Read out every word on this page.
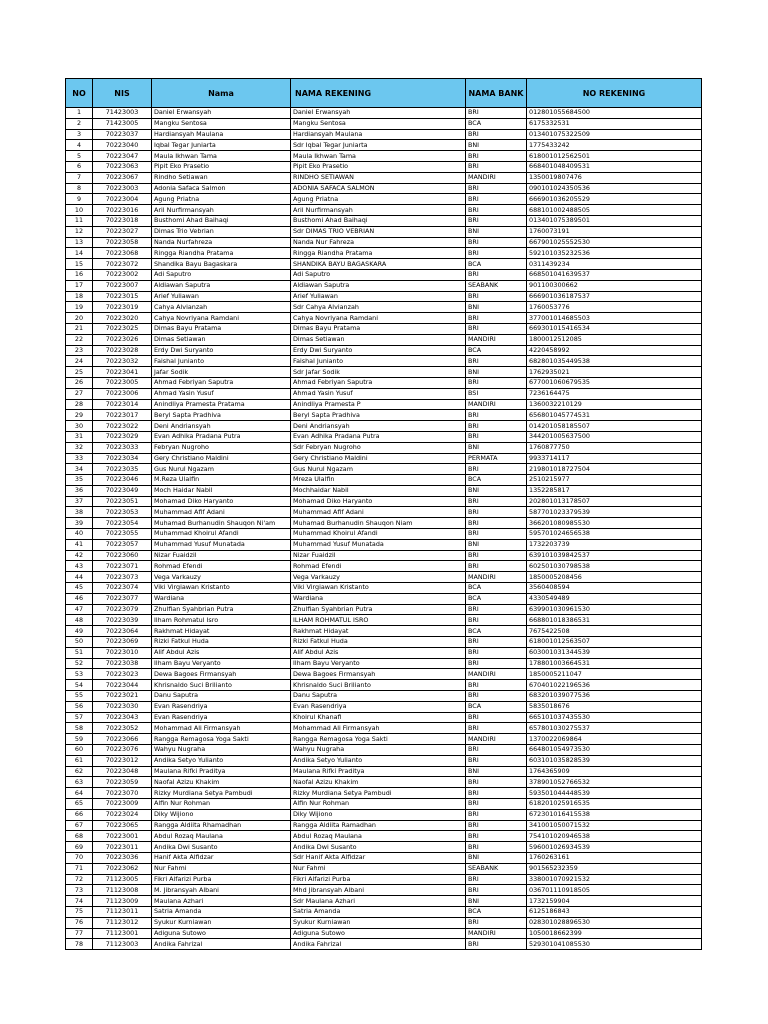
NO	NIS	Nama	NAMA REKENING	NAMA BANK	NO REKENING
1	71423003	Daniel Erwansyah	Daniel Erwansyah	BRI	012801055684500
2	71423005	Mangku Sentosa	Mangku Sentosa	BCA	6175332531
3	70223037	Hardiansyah Maulana	Hardiansyah Maulana	BRI	013401075322509
4	70223040	Iqbal Tegar Juniarta	Sdr Iqbal Tegar Juniarta	BNI	1775433242
5	70223047	Maula Ikhwan Tama	Maula Ikhwan Tama	BRI	618001012562501
6	70223063	Pipit Eko Prasetio	Pipit Eko Prasetio	BRI	668401048409531
7	70223067	Rindho Setiawan	RINDHO SETIAWAN	MANDIRI	1350019807476
8	70223003	Adonia Safaca Salmon	ADONIA SAFACA SALMON	BRI	090101024350536
9	70223004	Agung Priatna	Agung Priatna	BRI	666901036205529
10	70223016	Aril Nurfirmansyah	Aril Nurfirmansyah	BRI	688101002488505
11	70223018	Busthomi Ahad Baihaqi	Busthomi Ahad Baihaqi	BRI	013401075389501
12	70223027	Dimas Trio Vebrian	Sdr DIMAS TRIO VEBRIAN	BNI	1760073191
13	70223058	Nanda Nurfahreza	Nanda Nur Fahreza	BRI	667901025552530
14	70223068	Ringga Riandha Pratama	Ringga Riandha Pratama	BRI	592101035232536
15	70223072	Shandika Bayu Bagaskara	SHANDIKA BAYU BAGASKARA	BCA	0311439234
16	70223002	Adi Saputro	Adi Saputro	BRI	668501041639537
17	70223007	Aldiawan Saputra	Aldiawan Saputra	SEABANK	901100300662
18	70223015	Arief Yuliawan	Arief Yuliawan	BRI	666901036187537
19	70223019	Cahya Alvianzah	Sdr Cahya Alvianzah	BNI	1760053776
20	70223020	Cahya Novriyana Ramdani	Cahya Novriyana Ramdani	BRI	377001014685503
21	70223025	Dimas Bayu Pratama	Dimas Bayu Pratama	BRI	669301015416534
22	70223026	Dimas Setiawan	Dimas Setiawan	MANDIRI	1800012512085
23	70223028	Erdy Dwi Suryanto	Erdy Dwi Suryanto	BCA	4220458992
24	70223032	Faishal Junianto	Faishal Junianto	BRI	682801035449538
25	70223041	Jafar Sodik	Sdr Jafar Sodik	BNI	1762935021
26	70223005	Ahmad Febriyan Saputra	Ahmad Febriyan Saputra	BRI	677001060679535
27	70223006	Ahmad Yasin Yusuf	Ahmad Yasin Yusuf	BSI	7236164475
28	70223014	Anindliya Pramesta Pratama	Anindliya Pramesta P	MANDIRI	1360032210129
29	70223017	Beryl Sapta Pradhiva	Beryl Sapta Pradhiva	BRI	656801045774531
30	70223022	Deni Andriansyah	Deni Andriansyah	BRI	014201058185507
31	70223029	Evan Adhika Pradana Putra	Evan Adhika Pradana Putra	BRI	344201005637500
32	70223033	Febryan Nugroho	Sdr Febryan Nugroho	BNI	1760877750
33	70223034	Gery Christiano Maldini	Gery Christiano Maldini	PERMATA	9933714117
34	70223035	Gus Nurul Ngazam	Gus Nurul Ngazam	BRI	219801018727504
35	70223046	M.Reza Ulalfin	Mreza Ulalfin	BCA	2510215977
36	70223049	Moch Haidar Nabil	Mochhaidar Nabil	BNI	1352285817
37	70223051	Mohamad Diko Haryanto	Mohamad Diko Haryanto	BRI	202801013178507
38	70223053	Muhammad Afif Adani	Muhammad Afif Adani	BRI	587701023379539
39	70223054	Muhamad Burhanudin Shauqon Ni'am	Muhamad Burhanudin Shauqon Niam	BRI	366201080985530
40	70223055	Muhammad Khoirul Afandi	Muhammad Khoirul Afandi	BRI	595701024656538
41	70223057	Muhammad Yusuf Munatada	Muhammad Yusuf Munatada	BNI	1732203739
42	70223060	Nizar Fuaidzil	Nizar Fuaidzil	BRI	639101039842537
43	70223071	Rohmad Efendi	Rohmad Efendi	BRI	602501030798538
44	70223073	Vega Varkauzy	Vega Varkauzy	MANDIRI	1850005208456
45	70223074	Viki Virgiawan Kristanto	Viki Virgiawan Kristanto	BCA	3560408594
46	70223077	Wardiana	Wardiana	BCA	4330549489
47	70223079	Zhulfian Syahbrian Putra	Zhulfian Syahbrian Putra	BRI	639901030961530
48	70223039	Ilham Rohmatul Isro	ILHAM ROHMATUL ISRO	BRI	668801018386531
49	70223064	Rakhmat Hidayat	Rakhmat Hidayat	BCA	7675422508
50	70223069	Rizki Fatkul Huda	Rizki Fatkul Huda	BRI	618001012563507
51	70223010	Alif Abdul Azis	Alif Abdul Azis	BRI	603001031344539
52	70223038	Ilham Bayu Veryanto	Ilham Bayu Veryanto	BRI	178801003664531
53	70223023	Dewa Bagoes Firmansyah	Dewa Bagoes Firmansyah	MANDIRI	1850005211047
54	70223044	Khrisnaldo Suci Brilianto	Khrisnaldo Suci Brilianto	BRI	670401022196536
55	70223021	Danu Saputra	Danu Saputra	BRI	683201039077536
56	70223030	Evan Rasendriya	Evan Rasendriya	BCA	5835018676
57	70223043	Evan Rasendriya	Khoirul Khanafi	BRI	665101037435530
58	70223052	Mohammad Ali Firmansyah	Mohammad Ali Firmansyah	BRI	657801030275537
59	70223066	Rangga Remagosa Yoga Sakti	Rangga Remagosa Yoga Sakti	MANDIRI	1370022069864
60	70223076	Wahyu Nugraha	Wahyu Nugraha	BRI	664801054973530
61	70223012	Andika Setyo Yulianto	Andika Setyo Yulianto	BRI	603101035828539
62	70223048	Maulana Rifki Praditya	Maulana Rifki Praditya	BNI	1764365909
63	70223059	Naofal Azizu Khakim	Naofal Azizu Khakim	BRI	378901052766532
64	70223070	Rizky Murdiana Setya Pambudi	Rizky Murdiana Setya Pambudi	BRI	593501044448539
65	70223009	Alfin Nur Rohman	Alfin Nur Rohman	BRI	618201025916535
66	70223024	Diky Wijiono	Diky Wijiono	BRI	672301016415538
67	70223065	Rangga Aldiita Rhamadhan	Rangga Aldiita Ramadhan	BRI	341001050071532
68	70223001	Abdul Rozaq Maulana	Abdul Rozaq Maulana	BRI	754101020946538
69	70223011	Andika Dwi Susanto	Andika Dwi Susanto	BRI	596001026934539
70	70223036	Hanif Akta Alfidzar	Sdr Hanif Akta Alfidzar	BNI	1760263161
71	70223062	Nur Fahmi	Nur Fahmi	SEABANK	901565232359
72	71123005	Fikri Alfarizi Purba	Fikri Alfarizi Purba	BRI	338001070921532
73	71123008	M. Jibransyah Albani	Mhd Jibransyah Albani	BRI	036701110918505
74	71123009	Maulana Azhari	Sdr Maulana Azhari	BNI	1732159904
75	71123011	Satria Amanda	Satria Amanda	BCA	6125186843
76	71123012	Syukur Kurniawan	Syukur Kurniawan	BRI	028301028896530
77	71123001	Adiguna Sutowo	Adiguna Sutowo	MANDIRI	1050018662399
78	71123003	Andika Fahrizal	Andika Fahrizal	BRI	529301041085530
